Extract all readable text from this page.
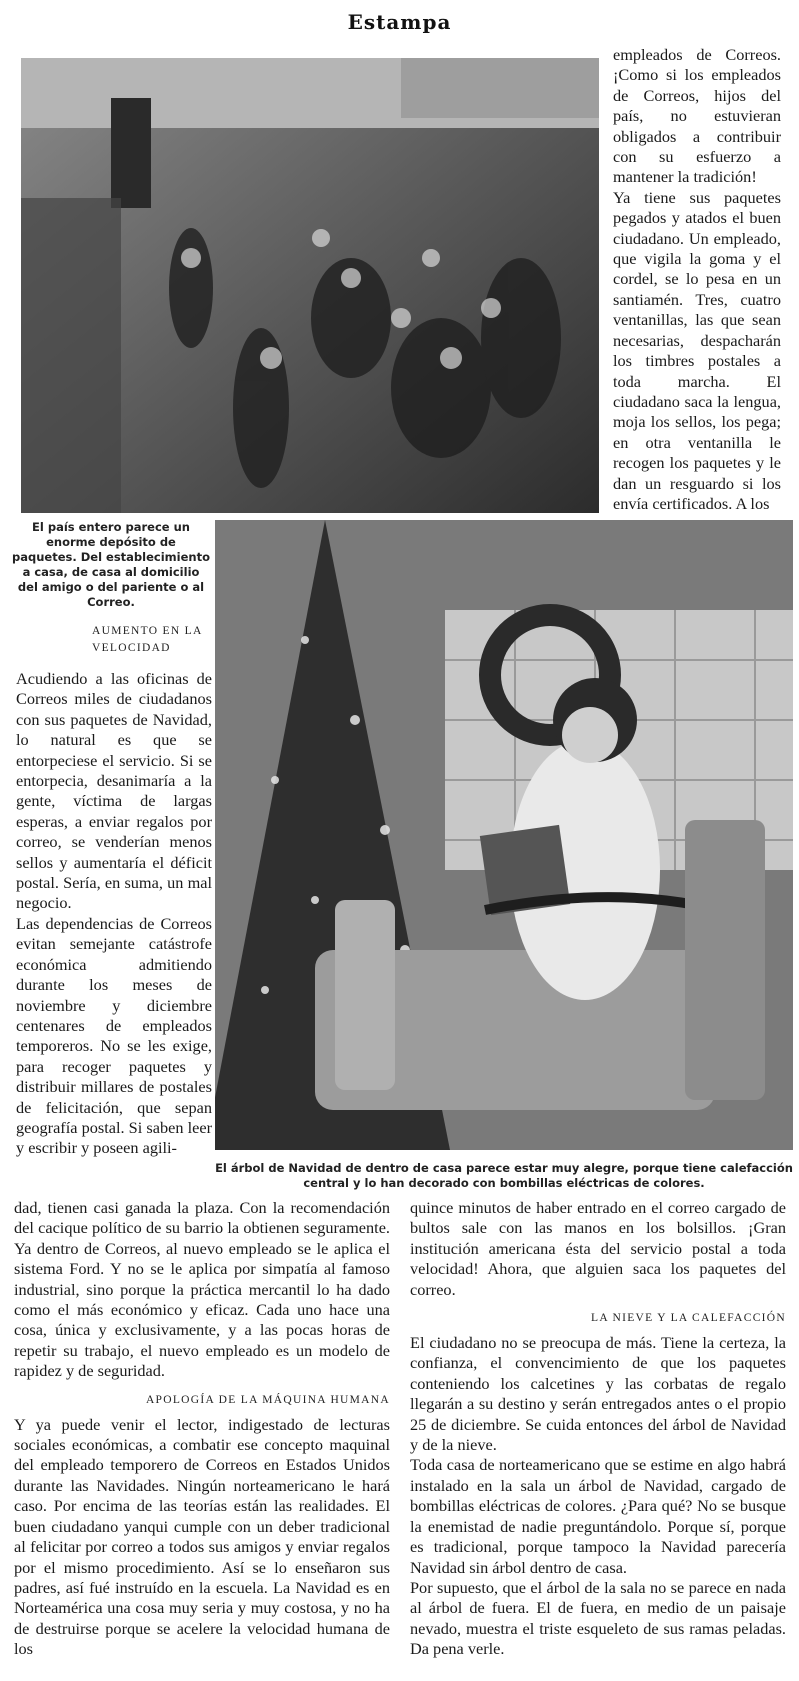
Estampa

empleados de Correos. ¡Como si los empleados de Correos, hijos del país, no estuvieran obligados a contribuir con su esfuerzo a mantener la tradición!

Ya tiene sus paquetes pegados y atados el buen ciudadano. Un empleado, que vigila la goma y el cordel, se lo pesa en un santiamén. Tres, cuatro ventanillas, las que sean necesarias, despacharán los timbres postales a toda marcha. El ciudadano saca la lengua, moja los sellos, los pega; en otra ventanilla le recogen los paquetes y le dan un resguardo si los envía certificados. A los

El país entero parece un enorme depósito de paquetes. Del establecimiento a casa, de casa al domicilio del amigo o del pariente o al Correo.
AUMENTO EN LA VELOCIDAD

Acudiendo a las oficinas de Correos miles de ciudadanos con sus paquetes de Navidad, lo natural es que se entorpeciese el servicio. Si se entorpecia, desanimaría a la gente, víctima de largas esperas, a enviar regalos por correo, se venderían menos sellos y aumentaría el déficit postal. Sería, en suma, un mal negocio.

Las dependencias de Correos evitan semejante catástrofe económica admitiendo durante los meses de noviembre y diciembre centenares de empleados temporeros. No se les exige, para recoger paquetes y distribuir millares de postales de felicitación, que sepan geografía postal. Si saben leer y escribir y poseen agili-

El árbol de Navidad de dentro de casa parece estar muy alegre, porque tiene calefacción central y lo han decorado con bombillas eléctricas de colores.

dad, tienen casi ganada la plaza. Con la recomendación del cacique político de su barrio la obtienen seguramente. Ya dentro de Correos, al nuevo empleado se le aplica el sistema Ford. Y no se le aplica por simpatía al famoso industrial, sino porque la práctica mercantil lo ha dado como el más económico y eficaz. Cada uno hace una cosa, única y exclusivamente, y a las pocas horas de repetir su trabajo, el nuevo empleado es un modelo de rapidez y de seguridad.

APOLOGÍA DE LA MÁQUINA HUMANA

Y ya puede venir el lector, indigestado de lecturas sociales económicas, a combatir ese concepto maquinal del empleado temporero de Correos en Estados Unidos durante las Navidades. Ningún norteamericano le hará caso. Por encima de las teorías están las realidades. El buen ciudadano yanqui cumple con un deber tradicional al felicitar por correo a todos sus amigos y enviar regalos por el mismo procedimiento. Así se lo enseñaron sus padres, así fué instruído en la escuela. La Navidad es en Norteamérica una cosa muy seria y muy costosa, y no ha de destruirse porque se acelere la velocidad humana de los

quince minutos de haber entrado en el correo cargado de bultos sale con las manos en los bolsillos. ¡Gran institución americana ésta del servicio postal a toda velocidad! Ahora, que alguien saca los paquetes del correo.

LA NIEVE Y LA CALEFACCIÓN

El ciudadano no se preocupa de más. Tiene la certeza, la confianza, el convencimiento de que los paquetes conteniendo los calcetines y las corbatas de regalo llegarán a su destino y serán entregados antes o el propio 25 de diciembre. Se cuida entonces del árbol de Navidad y de la nieve.

Toda casa de norteamericano que se estime en algo habrá instalado en la sala un árbol de Navidad, cargado de bombillas eléctricas de colores. ¿Para qué? No se busque la enemistad de nadie preguntándolo. Porque sí, porque es tradicional, porque tampoco la Navidad parecería Navidad sin árbol dentro de casa.

Por supuesto, que el árbol de la sala no se parece en nada al árbol de fuera. El de fuera, en medio de un paisaje nevado, muestra el triste esqueleto de sus ramas peladas. Da pena verle.
